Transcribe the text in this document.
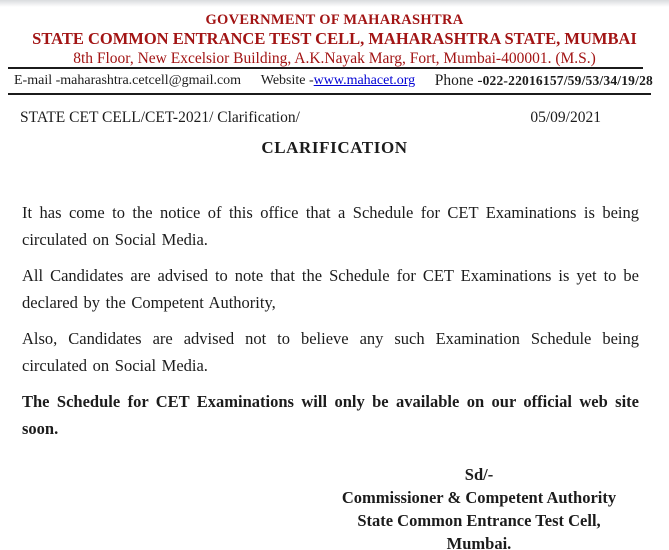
GOVERNMENT OF MAHARASHTRA
STATE COMMON ENTRANCE TEST CELL, MAHARASHTRA STATE, MUMBAI
8th Floor, New Excelsior Building, A.K.Nayak Marg, Fort, Mumbai-400001. (M.S.)
E-mail - maharashtra.cetcell@gmail.com Website - www.mahacet.org Phone - 022-22016157/59/53/34/19/28
STATE CET CELL/CET-2021/ Clarification/	05/09/2021
CLARIFICATION

It has come to the notice of this office that a Schedule for CET Examinations is being circulated on Social Media.

All Candidates are advised to note that the Schedule for CET Examinations is yet to be declared by the Competent Authority,

Also, Candidates are advised not to believe any such Examination Schedule being circulated on Social Media.

The Schedule for CET Examinations will only be available on our official web site soon.

Sd/-
Commissioner & Competent Authority
State Common Entrance Test Cell,
Mumbai.
